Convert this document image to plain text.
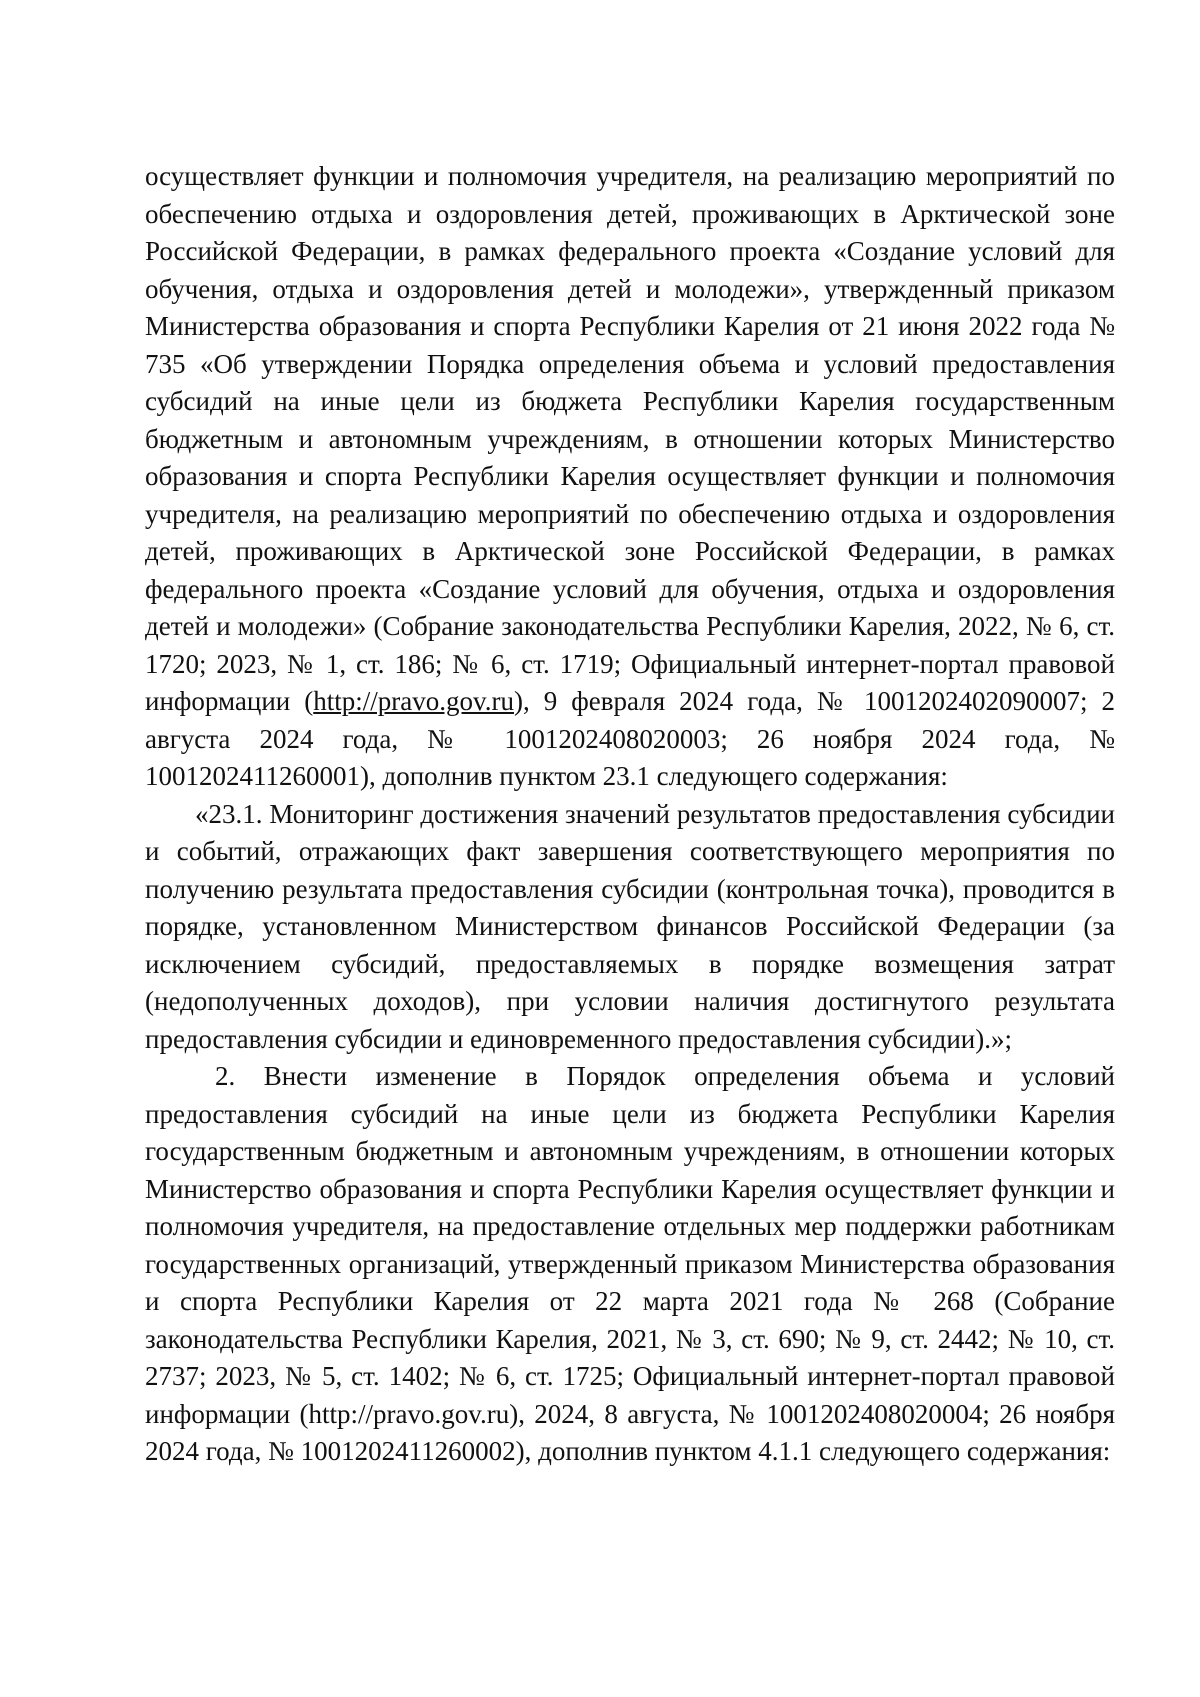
осуществляет функции и полномочия учредителя, на реализацию мероприятий по обеспечению отдыха и оздоровления детей, проживающих в Арктической зоне Российской Федерации, в рамках федерального проекта «Создание условий для обучения, отдыха и оздоровления детей и молодежи», утвержденный приказом Министерства образования и спорта Республики Карелия от 21 июня 2022 года № 735 «Об утверждении Порядка определения объема и условий предоставления субсидий на иные цели из бюджета Республики Карелия государственным бюджетным и автономным учреждениям, в отношении которых Министерство образования и спорта Республики Карелия осуществляет функции и полномочия учредителя, на реализацию мероприятий по обеспечению отдыха и оздоровления детей, проживающих в Арктической зоне Российской Федерации, в рамках федерального проекта «Создание условий для обучения, отдыха и оздоровления детей и молодежи» (Собрание законодательства Республики Карелия, 2022, № 6, ст. 1720; 2023, № 1, ст. 186; № 6, ст. 1719; Официальный интернет-портал правовой информации (http://pravo.gov.ru), 9 февраля 2024 года, № 1001202402090007; 2 августа 2024 года, № 1001202408020003; 26 ноября 2024 года, № 1001202411260001), дополнив пунктом 23.1 следующего содержания:

«23.1. Мониторинг достижения значений результатов предоставления субсидии и событий, отражающих факт завершения соответствующего мероприятия по получению результата предоставления субсидии (контрольная точка), проводится в порядке, установленном Министерством финансов Российской Федерации (за исключением субсидий, предоставляемых в порядке возмещения затрат (недополученных доходов), при условии наличия достигнутого результата предоставления субсидии и единовременного предоставления субсидии).»;

2. Внести изменение в Порядок определения объема и условий предоставления субсидий на иные цели из бюджета Республики Карелия государственным бюджетным и автономным учреждениям, в отношении которых Министерство образования и спорта Республики Карелия осуществляет функции и полномочия учредителя, на предоставление отдельных мер поддержки работникам государственных организаций, утвержденный приказом Министерства образования и спорта Республики Карелия от 22 марта 2021 года № 268 (Собрание законодательства Республики Карелия, 2021, № 3, ст. 690; № 9, ст. 2442; № 10, ст. 2737; 2023, № 5, ст. 1402; № 6, ст. 1725; Официальный интернет-портал правовой информации (http://pravo.gov.ru), 2024, 8 августа, № 1001202408020004; 26 ноября 2024 года, № 1001202411260002), дополнив пунктом 4.1.1 следующего содержания:
